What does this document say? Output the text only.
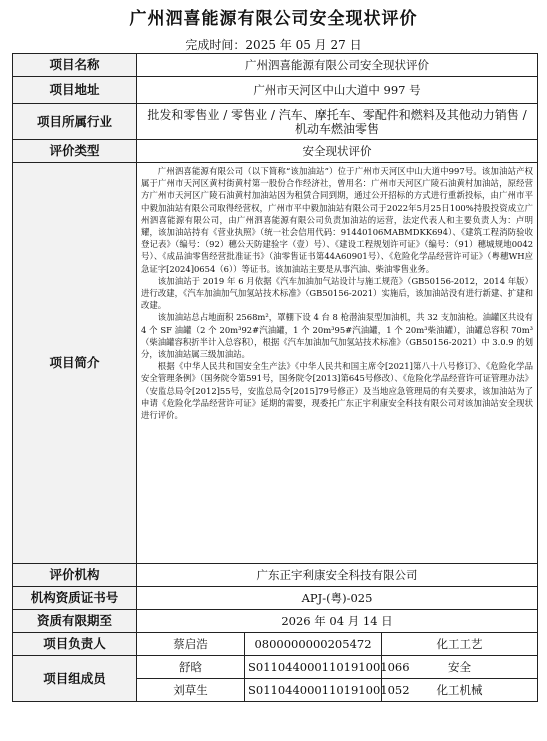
广州泗喜能源有限公司安全现状评价
完成时间：2025 年 05 月 27 日
项目名称	广州泗喜能源有限公司安全现状评价		
项目地址	广州市天河区中山大道中 997 号		
项目所属行业	批发和零售业 / 零售业 / 汽车、摩托车、零配件和燃料及其他动力销售 / 机动车燃油零售		
评价类型	安全现状评价		
项目简介	广州泗喜能源有限公司（以下简称“该加油站”）位于广州市天河区中山大道中997号。该加油站产权属于广州市天河区黄村街黄村第一股份合作经济社，曾用名：广州市天河区广陵石油黄村加油站，原经营方广州市天河区广陵石油黄村加油站因为租赁合同到期，通过公开招标的方式进行重新投标，由广州市平中毅加油站有限公司取得经营权，广州市平中毅加油站有限公司于2022年5月25日100%持股投资成立广州泗喜能源有限公司，由广州泗喜能源有限公司负责加油站的运营，法定代表人和主要负责人为：卢明耀，该加油站持有《营业执照》（统一社会信用代码：91440106MABMDKK694）、《建筑工程消防验收登记表》（编号：（92）穗公天防建验字（壹）号）、《建设工程规划许可证》（编号：（91）穗城规地0042号）、《成品油零售经营批准证书》（油零售证书第44A60901号）、《危险化学品经营许可证》（粤穗WH应急证字[2024]0654（6））等证书。该加油站主要是从事汽油、柴油零售业务。

该加油站于 2019 年 6 月依据《汽车加油加气站设计与施工规范》（GB50156-2012，2014 年版）进行改建，《汽车加油加气加氢站技术标准》（GB50156-2021）实施后，该加油站没有进行新建、扩建和改建。

该加油站总占地面积 2568m²，罩棚下设 4 台 8 枪潜油泵型加油机，共 32 支加油枪。油罐区共设有 4 个 SF 油罐（2 个 20m³92#汽油罐，1 个 20m³95#汽油罐，1 个 20m³柴油罐），油罐总容积 70m³（柴油罐容积折半计入总容积），根据《汽车加油加气加氢站技术标准》（GB50156-2021）中 3.0.9 的划分，该加油站属三级加油站。

根据《中华人民共和国安全生产法》《中华人民共和国主席令[2021]第八十八号修订》、《危险化学品安全管理条例》（国务院令第591号，国务院令[2013]第645号修改）、《危险化学品经营许可证管理办法》（安监总局令[2012]55号，安监总局令[2015]79号修正）及当地应急管理局的有关要求，该加油站为了申请《危险化学品经营许可证》延期的需要，现委托广东正宇利康安全科技有限公司对该加油站安全现状进行评价。		

评价机构	广东正宇利康安全科技有限公司		
机构资质证书号	APJ-(粤)-025		
资质有限期至	2026 年 04 月 14 日		
项目负责人	蔡启浩	0800000000205472	化工工艺
项目组成员	舒晗	S011044000110191001066	安全
	刘草生	S011044000110191001052	化工机械
